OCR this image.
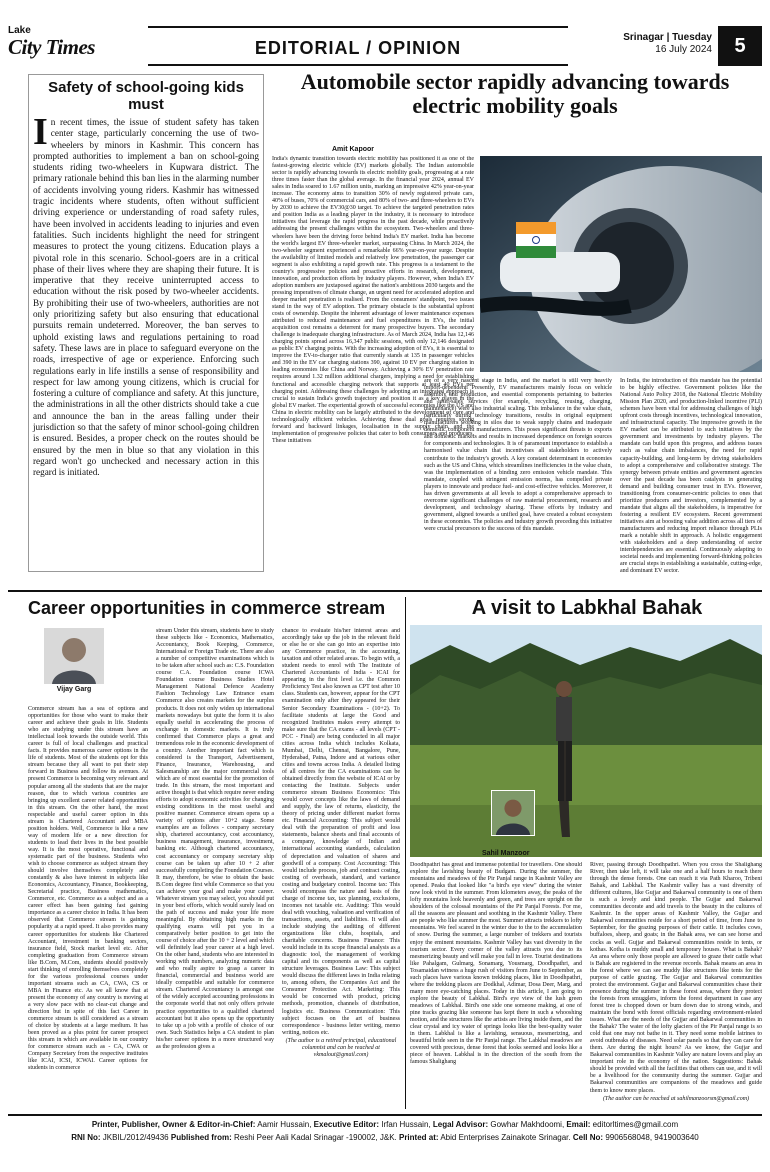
Lake
City Times	EDITORIAL / OPINION
Srinagar | Tuesday
16 July 2024	5
Safety of school-going kids must

In recent times, the issue of student safety has taken center stage, particularly concerning the use of two-wheelers by minors in Kashmir. This concern has prompted authorities to implement a ban on school-going students riding two-wheelers in Kupwara district. The primary rationale behind this ban lies in the alarming number of accidents involving young riders. Kashmir has witnessed tragic incidents where students, often without sufficient driving experience or understanding of road safety rules, have been involved in accidents leading to injuries and even fatalities. Such incidents highlight the need for stringent measures to protect the young citizens. Education plays a pivotal role in this scenario. School-goers are in a critical phase of their lives where they are shaping their future. It is imperative that they receive uninterrupted access to education without the risk posed by two-wheeler accidents. By prohibiting their use of two-wheelers, authorities are not only prioritizing safety but also ensuring that educational pursuits remain undeterred. Moreover, the ban serves to uphold existing laws and regulations pertaining to road safety. These laws are in place to safeguard everyone on the roads, irrespective of age or experience. Enforcing such regulations early in life instills a sense of responsibility and respect for law among young citizens, which is crucial for fostering a culture of compliance and safety. At this juncture, the administrations in all the other districts should take a cue and announce the ban in the areas falling under their jurisdiction so that the safety of minor school-going children is ensured. Besides, a proper check on the routes should be ensured by the men in blue so that any violation in this regard won't go unchecked and necessary action in this regard is initiated.

Automobile sector rapidly advancing towards electric mobility goals
Amit Kapoor

India's dynamic transition towards electric mobility has positioned it as one of the fastest-growing electric vehicle (EV) markets globally. The Indian automobile sector is rapidly advancing towards its electric mobility goals, progressing at a rate three times faster than the global average. In the financial year 2024, annual EV sales in India soared to 1.67 million units, marking an impressive 42% year-on-year increase. The economy aims to transition 30% of newly registered private cars, 40% of buses, 70% of commercial cars, and 80% of two- and three-wheelers to EVs by 2030 to achieve the EV30@30 target. To achieve the targeted penetration rates and position India as a leading player in the industry, it is necessary to introduce initiatives that leverage the rapid progress in the past decade, while proactively addressing the present challenges within the ecosystem. Two-wheelers and three-wheelers have been the driving force behind India's EV market. India has become the world's largest EV three-wheeler market, surpassing China. In March 2024, the two-wheeler segment experienced a remarkable 66% year-on-year surge. Despite the availability of limited models and relatively low penetration, the passenger car segment is also exhibiting a rapid growth rate. This progress is a testament to the country's progressive policies and proactive efforts in research, development, innovation, and production efforts by industry players. However, when India's EV adoption numbers are juxtaposed against the nation's ambitious 2030 targets and the pressing imperatives of climate change, an urgent need for accelerated adoption and deeper market penetration is realised. From the consumers' standpoint, two issues stand in the way of EV adoption. The primary obstacle is the substantial upfront costs of ownership. Despite the inherent advantage of lower maintenance expenses attributed to reduced maintenance and fuel expenditures in EVs, the initial acquisition cost remains a deterrent for many prospective buyers. The secondary challenge is inadequate charging infrastructure. As of March 2024, India has 12,146 charging points spread across 16,347 public sessions, with only 12,146 designated as public EV charging points. With the increasing adoption of EVs, it is essential to improve the EV-to-charger ratio that currently stands at 135 in passenger vehicles and 390 in the EV car charging stations 390, against 10 EV per charging station in leading economies like China and Norway. Achieving a 30% EV penetration rate requires around 1.32 million additional chargers, implying a need for establishing functional and accessible charging network that supports at least 40 EVs per charging point. Addressing these challenges by adopting an integrated approach is crucial to sustain India's growth trajectory and position it as a key player in the global EV market. The experiential growth of successful economies like the US and China in electric mobility can be largely attributed to the development of core and technologically efficient vehicles. Achieving these dual goals requires strong forward and backward linkages, localisation in the supply chain, and the implementation of progressive policies that cater to both consumers and producers. These initiatives

are of a very nascent stage in India, and the market is still very heavily import-dependent. Presently, EV manufacturers mainly focus on vehicle assembly and production, and essential components pertaining to batteries and after-sales services (for example, recycling, reusing, charging, maintenance) were also industrial scaling. This imbalance in the value chain, particularly during technology transitions, results in original equipment manufacturers working in silos due to weak supply chains and inadequate domestic component manufacturers. This poses significant threats to exports and domestic markets and results in increased dependence on foreign sources for components and technologies. It is of paramount importance to establish a harmonised value chain that incentivises all stakeholders to actively contribute to the industry's growth. A key constant determinant in economies such as the US and China, which streamlines inefficiencies in the value chain, was the implementation of a binding zero emission vehicle mandate. This mandate, coupled with stringent emission norms, has compelled private players to innovate and produce fuel- and cost-effective vehicles. Moreover, it has driven governments at all levels to adopt a comprehensive approach to overcome significant challenges of raw material procurement, research and development, and technology sharing. These efforts by industry and government, aligned towards a unified goal, have created a robust ecosystem in these economies. The policies and industry growth preceding this initiative were crucial precursors to the success of this mandate.

In India, the introduction of this mandate has the potential to be highly effective. Government policies like the National Auto Policy 2018, the National Electric Mobility Mission Plan 2020, and production-linked incentive (PLI) schemes have been vital for addressing challenges of high upfront costs through incentives, technological innovation, and infrastructural capacity. The impressive growth in the EV market can be attributed to such initiatives by the government and investments by industry players. The mandate can build upon this progress, and address issues such as value chain imbalances, the need for rapid capacity-building, and long-term by driving stakeholders to adopt a comprehensive and collaborative strategy. The synergy between private entities and government agencies over the past decade has been catalysts in generating demand and building consumer trust in EVs. However, transitioning from consumer-centric policies to ones that prioritize producers and investors, complemented by a mandate that aligns all the stakeholders, is imperative for fostering a resilient EV ecosystem. Recent government initiatives aim at boosting value addition across all tiers of manufacturers and reducing import reliance through PLIs mark a notable shift in approach. A holistic engagement with stakeholders and a deep understanding of sector interdependencies are essential. Continuously adapting to societal needs and implementing forward-thinking policies are crucial steps in establishing a sustainable, cutting-edge, and dominant EV sector.

Career opportunities in commerce stream
Vijay Garg

Commerce stream has a sea of options and opportunities for those who want to make their career and achieve their goals in life. Students who are studying under this stream have an intellectual look towards the outside world. This career is full of local challenges and practical facts. It provides numerous career options in the life of students. Most of the students opt for this stream because they all want to put their step forward in Business and follow its avenues. At present Commerce is becoming very relevant and popular among all the students that are the major reason, due to which various countries are bringing up excellent career related opportunities in this stream. On the other hand, the most respectable and useful career option in this stream is Chartered Accountant and MBA position holders. Well, Commerce is like a new way of modern life or a new direction for students to lead their lives in the best possible way. It is the most operative, functional and systematic part of the business. Students who wish to choose commerce as subject stream they should involve themselves completely and constantly & also have interest in subjects like Economics, Accountancy, Finance, Bookkeeping, Secretarial practice, Business mathematics, Commerce, etc. Commerce as a subject and as a career effect has been gaining fast gaining importance as a career choice in India. It has been observed that Commerce stream is gaining popularity at a rapid speed. It also provides many career opportunities for students like Chartered Accountant, investment in banking sectors, insurance field, Stock market level etc. After completing graduation from Commerce stream like B.Com, M.Com, students should positively start thinking of enrolling themselves completely for the various professional courses under important streams such as CA, CWA, CS or MBA in Finance etc. As we all know that at present the economy of any country is moving at a very slow pace with no clear-cut change and direction but in spite of this fact Career in commerce stream is still considered as a stream of choice by students at a large medium. It has been proved as a plus point for career prospect this stream in which are available in our country for commerce stream such as - CA, CWA or Company Secretary from the respective institutes like ICAI, ICSI, ICWAI. Career options for students in commerce

stream Under this stream, students have to study these subjects like - Economics, Mathematics, Accountancy, Book Keeping, Commerce, International or Foreign Trade etc. There are also a number of competitive examinations which is to be taken after school such as: C.S. Foundation course C.A. Foundation course ICWA Foundation course Business Studies Hotel Management National Defence Academy Fashion Technology Law Entrance exam Commerce also creates markets for the surplus products. It does not only widen up international markets nowadays but quite the form it is also equally useful in accelerating the process of exchange in domestic markets. It is truly confirmed that Commerce plays a great and tremendous role in the economic development of a country. Another important fact which is considered is the Transport, Advertisement, Finance, Insurance, Warehousing, and Salesmanship are the major commercial tools which are of most essential for the promotion of trade. In this stream, the most important and active thought is that which require never ending efforts to adopt economic activities for changing existing conditions in the most useful and positive manner. Commerce stream opens up a variety of options after 10+2 stage. Some examples are as follows - company secretary ship, chartered accountancy, cost accountancy, business management, insurance, investment, banking etc. Although chartered accountancy, cost accountancy or company secretary ship course can be taken up after 10 + 2 after successfully completing the Foundation Courses. It may, therefore, be wise to obtain the basic B.Com degree first while Commerce so that you can achieve your goal and make your career. Whatever stream you may select, you should put in your best efforts, which would surely lead on the path of success and make your life more meaningful. By obtaining high marks in the qualifying exams will put you in a comparatively better position to get into the course of choice after the 10 + 2 level and which will definitely lead your career at a high level. On the other hand, students who are interested in working with numbers, analyzing numeric data and who really aspire to grasp a career in financial, commercial and business world are ideally compatible and suitable for commerce stream. Chartered Accountancy is amongst one of the widely accepted accounting professions in the corporate world that not only offers private practice opportunities to a qualified chartered accountant but it also opens up the opportunity to take up a job with a profile of choice of our own. Such Statistics helps a CA student to plan his/her career options in a more structured way as the profession gives a

chance to evaluate his/her interest areas and accordingly take up the job in the relevant field or else he or she can go into an expertise into any Commerce practice, in the accounting, taxation and other related areas. To begin with, a student needs to enrol with The Institute of Chartered Accountants of India - ICAI for appearing in the first level i.e. the Common Proficiency Test also known as CPT test after 10 class. Students can, however, appear for the CPT examination only after they appeared for their Senior Secondary Examinations - (10+2). To facilitate students at large the Good and recognized Institutes makes every attempt to make sure that the CA exams - all levels (CPT - PCC - Final) are being conducted in all major cities across India which includes Kolkata, Mumbai, Delhi, Chennai, Bangalore, Pune, Hyderabad, Patna, Indore and at various other cities and towns across India. A detailed listing of all centres for the CA examinations can be obtained directly from the website of ICAI or by contacting the Institute. Subjects under commerce stream Business Economics: This would cover concepts like the laws of demand and supply, the law of returns, elasticity, the theory of pricing under different market forms etc. Financial Accounting: This subject would deal with the preparation of profit and loss statements, balance sheets and final accounts of a company, knowledge of Indian and international accounting standards, calculation of depreciation and valuation of shares and goodwill of a company. Cost Accounting: This would include process, job and contract costing, costing of overheads, standard, and variance costing and budgetary control. Income tax: This would encompass the nature and basis of the charge of income tax, tax planning, exclusions, incomes not taxable etc. Auditing: This would deal with vouching, valuation and verification of transactions, assets, and liabilities. It will also include studying the auditing of different organizations like clubs, hospitals, and charitable concerns. Business Finance: This would include in its scope financial analysis as a diagnostic tool, the management of working capital and its components as well as capital structure leverages. Business Law: This subject would discuss the different laws in India relating to, among others, the Companies Act and the Consumer Protection Act. Marketing: This would be concerned with product, pricing methods, promotion, channels of distribution, logistics etc. Business Communication: This subject focuses on the art of business correspondence - business letter writing, memo writing, notices etc.

(The author is a retired principal, educational columnist and can be reached at vkmalout@gmail.com)

A visit to Labkhal Bahak
Sahil Manzoor

Doodhpathri has great and immense potential for travellers. One should explore the lavishing beauty of Budgam. During the summer, the mountains and meadows of the Pir Panjal range in Kashmir Valley are opened. Peaks that looked like "a bird's eye view" during the winter now look vivid in the summer. From kilometers away, the peaks of the lofty mountains look heavenly and green, and trees are upright on the shoulders of the colossal mountains of the Pir Panjal Forests. For me, all the seasons are pleasant and soothing in the Kashmir Valley. There are people who like summer the most. Summer attracts trekkers to lofty mountains. We feel scared in the winter due to the to the accumulation of snow. During the summer, a large number of trekkers and tourists enjoy the eminent mountains. Kashmir Valley has vast diversity in the tourism sector. Every corner of the valley attracts you due to its mesmerizing beauty and will make you fall in love. Tourist destinations like Pahalgam, Gulmarg, Sonamarg, Yousmarg, Doodhpathri, and Tosamaidan witness a huge rush of visitors from June to September, as such places have various known trekking places, like in Doodhpathri, where the trekking places are Dodkhal, Adimar, Dosa Deer, Marg, and many more eye-catching places. Today in this article, I am going to explore the beauty of Labkhal. Bird's eye view of the lush green meadows of Labkhal. Bird's one side one someone making, at one of pine tracks grazing like someone has kept there in such a whooshing motion, and the structures like the artists are living inside them, and the clear crystal and icy water of springs looks like the best-quality water in them. Labkhal is like a lavishing, sensuous, mesmerizing, and beautiful bride seen in the Pir Panjal range. The Labkhal meadows are covered with precious, dense forest that looks seemed and looks like a piece of heaven. Labkhal is in the direction of the south from the famous Shalighang

River, passing through Doodhpathri. When you cross the Shalighang River, then take left, it will take one and a half hours to reach there through the dense forests. One can reach it via Path Kharoo, Tribeni Bahak, and Labkhal. The Kashmir valley has a vast diversity of different cultures, like Gujjar and Bakarwal community is one of them is such a lovely and kind people. The Gujjar and Bakarwal communities decorate and add travels to the beauty in the cultures of Kashmir. In the upper areas of Kashmir Valley, the Gujjar and Bakarwal communities reside for a short period of time, from June to September, for the grazing purposes of their cattle. It includes cows, buffaloes, sheep, and goats; in the Bahak area, we can see horse and cocks as well. Gujjar and Bakarwal communities reside in tents, or kothas. Kotha is muddy small and temporary houses. What is Bahak? An area where only those people are allowed to graze their cattle what is Bahak are registered in the revenue records. Bahak means an area in the forest where we can see muddy like structures like tents for the purpose of cattle grazing. The Gujjar and Bakarwal communities protect the environment. Gujjar and Bakarwal communities chase their presence during the summer in these forest areas, where they protect the forests from smugglers, inform the forest department in case any forest tree is chopped down or burn down due to strong winds, and maintain the bond with forest officials regarding environment-related issues. What are the needs of the Gujjar and Bakarwal communities in the Bahak? The water of the lofty glaciers of the Pir Panjal range is so cold that one may not bathe in it. They need some mobile latrines to avoid outbreaks of diseases. Need solar panels so that they can care for them. Are during the night hours? As we know, the Gujjar and Bakarwal communities in Kashmir Valley are nature lovers and play an important role in the economy of the nation. Suggestions: Bahak should be provided with all the facilities that others can use, and it will be a livelihood for the community during the summer. Gujjar and Bakarwal communities are companions of the meadows and guide them to know more places.

(The author can be reached at sahilmanzoorsm@gmail.com)

Printer, Publisher, Owner & Editor-in-Chief: Aamir Hussain, Executive Editor: Irfan Hussain, Legal Advisor: Gowhar Makhdoomi, Email: editorltimes@gmail.com
RNI No: JKBIL/2012/49436 Published from: Reshi Peer Aali Kadal Srinagar -190002, J&K. Printed at: Abid Enterprises Zainakote Srinagar. Cell No: 9906568048, 9419003640
